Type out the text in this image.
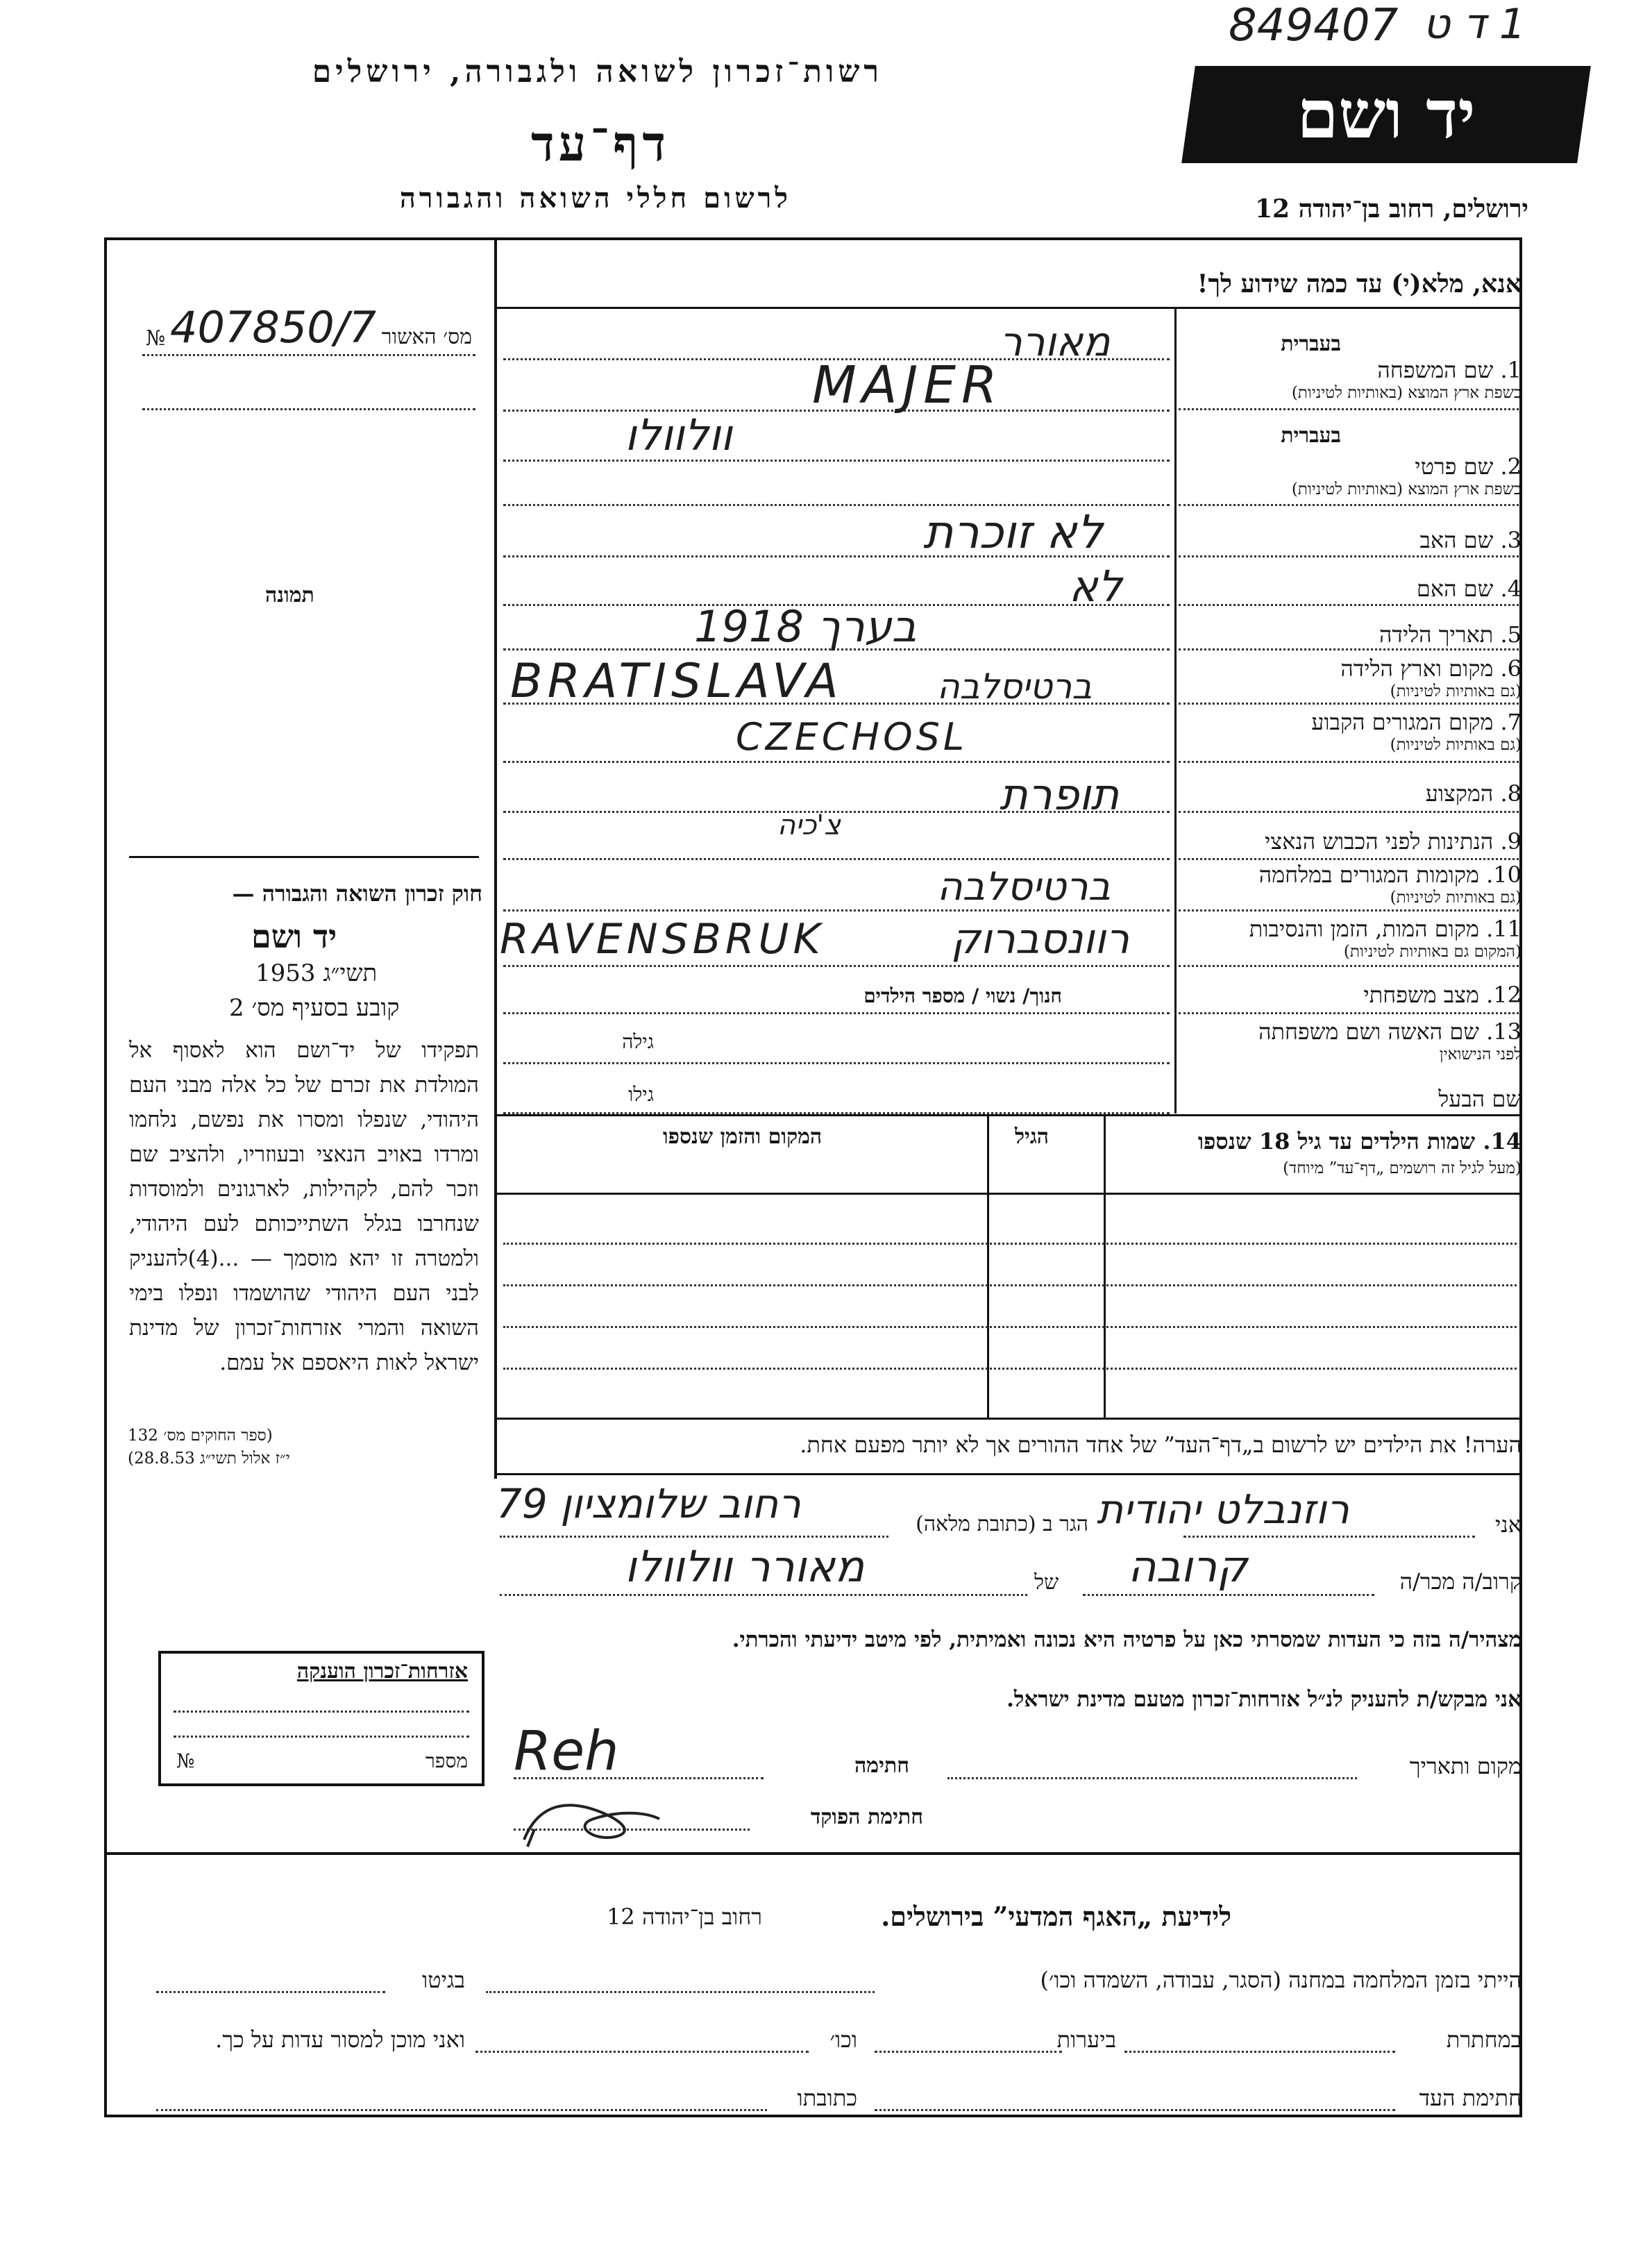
רשות־זכרון לשואה ולגבורה, ירושלים
דף־עד
לרשום חללי השואה והגבורה
849407 1 ד ט
יד ושם
ירושלים, רחוב בן־יהודה 12
מס׳ האשור
№ 407850/7
תמונה
חוק זכרון השואה והגבורה —
יד ושם
תשי״ג 1953
קובע בסעיף מס׳ 2
תפקידו של יד־ושם הוא לאסוף אל המולדת את זכרם של כל אלה מבני העם היהודי, שנפלו ומסרו את נפשם, נלחמו ומרדו באויב הנאצי ובעוזריו, ולהציב שם וזכר להם, לקהילות, לארגונים ולמוסדות שנחרבו בגלל השתייכותם לעם היהודי, ולמטרה זו יהא מוסמך — ...(4)להעניק לבני העם היהודי שהושמדו ונפלו בימי השואה והמרי אזרחות־זכרון של מדינת ישראל לאות היאספם אל עמם.
(ספר החוקים מס׳ 132
י״ז אלול תשי״ג 28.8.53)
אזרחות־זכרון הוענקה
מספר
№
אנא, מלא(י) עד כמה שידוע לך!
בעברית
בעברית
1. שם המשפחה
בשפת ארץ המוצא (באותיות לטיניות)
2. שם פרטי
בשפת ארץ המוצא (באותיות לטיניות)
3. שם האב
4. שם האם
5. תאריך הלידה
6. מקום וארץ הלידה
(גם באותיות לטיניות)
7. מקום המגורים הקבוע
(גם באותיות לטיניות)
8. המקצוע
9. הנתינות לפני הכבוש הנאצי
10. מקומות המגורים במלחמה
(גם באותיות לטיניות)
11. מקום המות, הזמן והנסיבות
(המקום גם באותיות לטיניות)
12. מצב משפחתי
13. שם האשה ושם משפחתה
לפני הנישואין
שם הבעל
חנוך/ נשוי / מספר הילדים
גילה
גילו
מאורר
MAJER
וולוולו
לא זוכרת
לא
בערך 1918
BRATISLAVA	ברטיסלבה
CZECHOSL
תופרת
צ'כיה
ברטיסלבה
RAVENSBRUK	רוונסברוק
14. שמות הילדים עד גיל 18 שנספו
(מעל לגיל זה רושמים „דף־עד” מיוחד)
הגיל
המקום והזמן שנספו
הערה! את הילדים יש לרשום ב„דף־העד” של אחד ההורים אך לא יותר מפעם אחת.
אני
רוזנבלט יהודית
הגר ב (כתובת מלאה)
רחוב שלומציון 79
קרוב/ה מכר/ה
קרובה
של
מאורר וולוולו
מצהיר/ה בזה כי העדות שמסרתי כאן על פרטיה היא נכונה ואמיתית, לפי מיטב ידיעתי והכרתי.
אני מבקש/ת להעניק לנ״ל אזרחות־זכרון מטעם מדינת ישראל.
מקום ותאריך
חתימה
Reh
חתימת הפוקד
לידיעת „האגף המדעי” בירושלים.
רחוב בן־יהודה 12
הייתי בזמן המלחמה במחנה (הסגר, עבודה, השמדה וכו׳)
בגיטו
במחתרת
ביערות
וכו׳
ואני מוכן למסור עדות על כך.
חתימת העד
כתובתו
